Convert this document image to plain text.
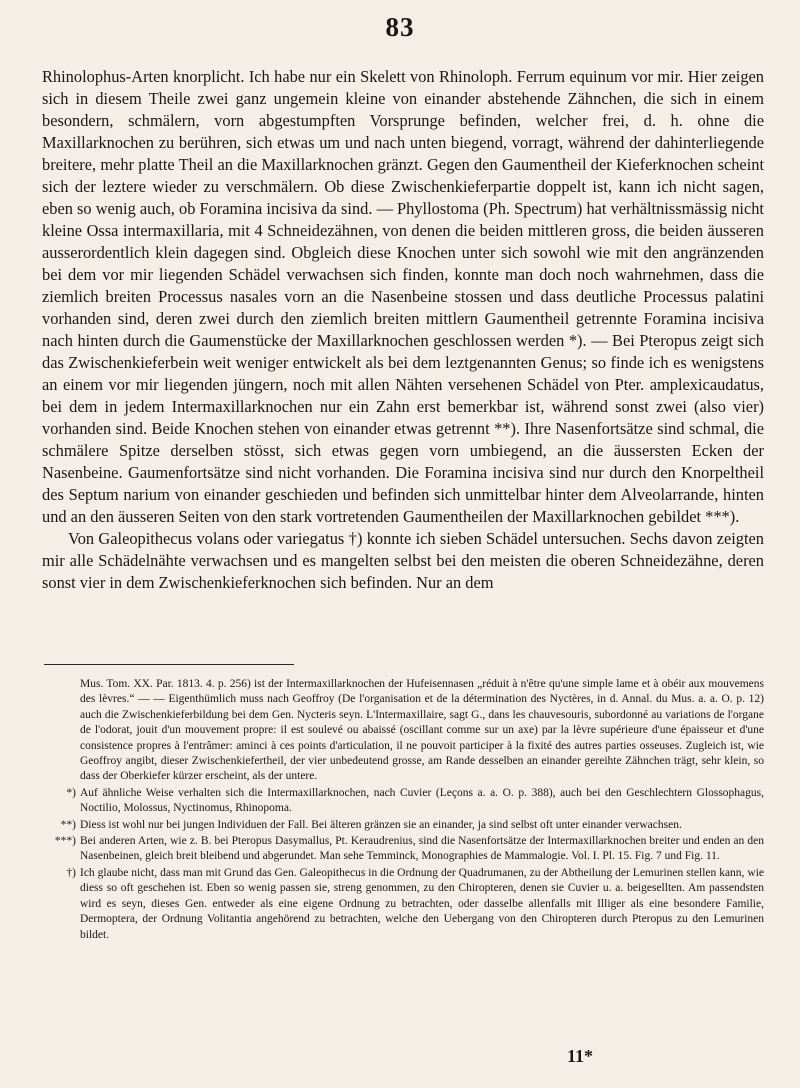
83

Rhinolophus-Arten knorplicht. Ich habe nur ein Skelett von Rhinoloph. Ferrum equinum vor mir. Hier zeigen sich in diesem Theile zwei ganz ungemein kleine von einander abstehende Zähnchen, die sich in einem besondern, schmälern, vorn abgestumpften Vorsprunge befinden, welcher frei, d. h. ohne die Maxillarknochen zu berühren, sich etwas um und nach unten biegend, vorragt, während der dahinterliegende breitere, mehr platte Theil an die Maxillarknochen gränzt. Gegen den Gaumentheil der Kieferknochen scheint sich der leztere wieder zu verschmälern. Ob diese Zwischenkieferpartie doppelt ist, kann ich nicht sagen, eben so wenig auch, ob Foramina incisiva da sind. — Phyllostoma (Ph. Spectrum) hat verhältnissmässig nicht kleine Ossa intermaxillaria, mit 4 Schneidezähnen, von denen die beiden mittleren gross, die beiden äusseren ausserordentlich klein dagegen sind. Obgleich diese Knochen unter sich sowohl wie mit den angränzenden bei dem vor mir liegenden Schädel verwachsen sich finden, konnte man doch noch wahrnehmen, dass die ziemlich breiten Processus nasales vorn an die Nasenbeine stossen und dass deutliche Processus palatini vorhanden sind, deren zwei durch den ziemlich breiten mittlern Gaumentheil getrennte Foramina incisiva nach hinten durch die Gaumenstücke der Maxillarknochen geschlossen werden *). — Bei Pteropus zeigt sich das Zwischenkieferbein weit weniger entwickelt als bei dem leztgenannten Genus; so finde ich es wenigstens an einem vor mir liegenden jüngern, noch mit allen Nähten versehenen Schädel von Pter. amplexicaudatus, bei dem in jedem Intermaxillarknochen nur ein Zahn erst bemerkbar ist, während sonst zwei (also vier) vorhanden sind. Beide Knochen stehen von einander etwas getrennt **). Ihre Nasenfortsätze sind schmal, die schmälere Spitze derselben stösst, sich etwas gegen vorn umbiegend, an die äussersten Ecken der Nasenbeine. Gaumenfortsätze sind nicht vorhanden. Die Foramina incisiva sind nur durch den Knorpeltheil des Septum narium von einander geschieden und befinden sich unmittelbar hinter dem Alveolarrande, hinten und an den äusseren Seiten von den stark vortretenden Gaumentheilen der Maxillarknochen gebildet ***).

Von Galeopithecus volans oder variegatus †) konnte ich sieben Schädel untersuchen. Sechs davon zeigten mir alle Schädelnähte verwachsen und es mangelten selbst bei den meisten die oberen Schneidezähne, deren sonst vier in dem Zwischenkieferknochen sich befinden. Nur an dem

Mus. Tom. XX. Par. 1813. 4. p. 256) ist der Intermaxillarknochen der Hufeisennasen „réduit à n'être qu'une simple lame et à obéir aux mouvemens des lèvres.“ — — Eigenthümlich muss nach Geoffroy (De l'organisation et de la détermination des Nyctères, in d. Annal. du Mus. a. a. O. p. 12) auch die Zwischenkieferbildung bei dem Gen. Nycteris seyn. L'Intermaxillaire, sagt G., dans les chauvesouris, subordonné au variations de l'organe de l'odorat, jouit d'un mouvement propre: il est soulevé ou abaissé (oscillant comme sur un axe) par la lèvre supérieure d'une épaisseur et d'une consistence propres à l'entrâmer: aminci à ces points d'articulation, il ne pouvoit participer à la fixité des autres parties osseuses. Zugleich ist, wie Geoffroy angibt, dieser Zwischenkiefertheil, der vier unbedeutend grosse, am Rande desselben an einander gereihte Zähnchen trägt, sehr klein, so dass der Oberkiefer kürzer erscheint, als der untere.
*) Auf ähnliche Weise verhalten sich die Intermaxillarknochen, nach Cuvier (Leçons a. a. O. p. 388), auch bei den Geschlechtern Glossophagus, Noctilio, Molossus, Nyctinomus, Rhinopoma.
**) Diess ist wohl nur bei jungen Individuen der Fall. Bei älteren gränzen sie an einander, ja sind selbst oft unter einander verwachsen.
***) Bei anderen Arten, wie z. B. bei Pteropus Dasymallus, Pt. Keraudrenius, sind die Nasenfortsätze der Intermaxillarknochen breiter und enden an den Nasenbeinen, gleich breit bleibend und abgerundet. Man sehe Temminck, Monographies de Mammalogie. Vol. I. Pl. 15. Fig. 7 und Fig. 11.
†) Ich glaube nicht, dass man mit Grund das Gen. Galeopithecus in die Ordnung der Quadrumanen, zu der Abtheilung der Lemurinen stellen kann, wie diess so oft geschehen ist. Eben so wenig passen sie, streng genommen, zu den Chiropteren, denen sie Cuvier u. a. beigesellten. Am passendsten wird es seyn, dieses Gen. entweder als eine eigene Ordnung zu betrachten, oder dasselbe allenfalls mit Illiger als eine besondere Familie, Dermoptera, der Ordnung Volitantia angehörend zu betrachten, welche den Uebergang von den Chiropteren durch Pteropus zu den Lemurinen bildet.
11*
